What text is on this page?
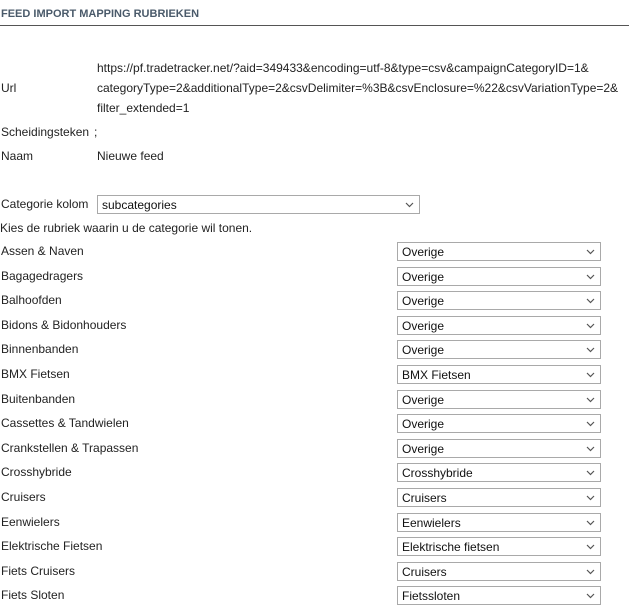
FEED IMPORT MAPPING RUBRIEKEN
Url
https://pf.tradetracker.net/?aid=349433&encoding=utf-8&type=csv&campaignCategoryID=1&
categoryType=2&additionalType=2&csvDelimiter=%3B&csvEnclosure=%22&csvVariationType=2&
filter_extended=1
Scheidingsteken ;
Naam	Nieuwe feed
Categorie kolom subcategories
Kies de rubriek waarin u de categorie wil tonen.
Assen & Naven	Overige
Bagagedragers	Overige
Balhoofden	Overige
Bidons & Bidonhouders	Overige
Binnenbanden	Overige
BMX Fietsen	BMX Fietsen
Buitenbanden	Overige
Cassettes & Tandwielen	Overige
Crankstellen & Trapassen	Overige
Crosshybride	Crosshybride
Cruisers	Cruisers
Eenwielers	Eenwielers
Elektrische Fietsen	Elektrische fietsen
Fiets Cruisers	Cruisers
Fiets Sloten	Fietssloten
